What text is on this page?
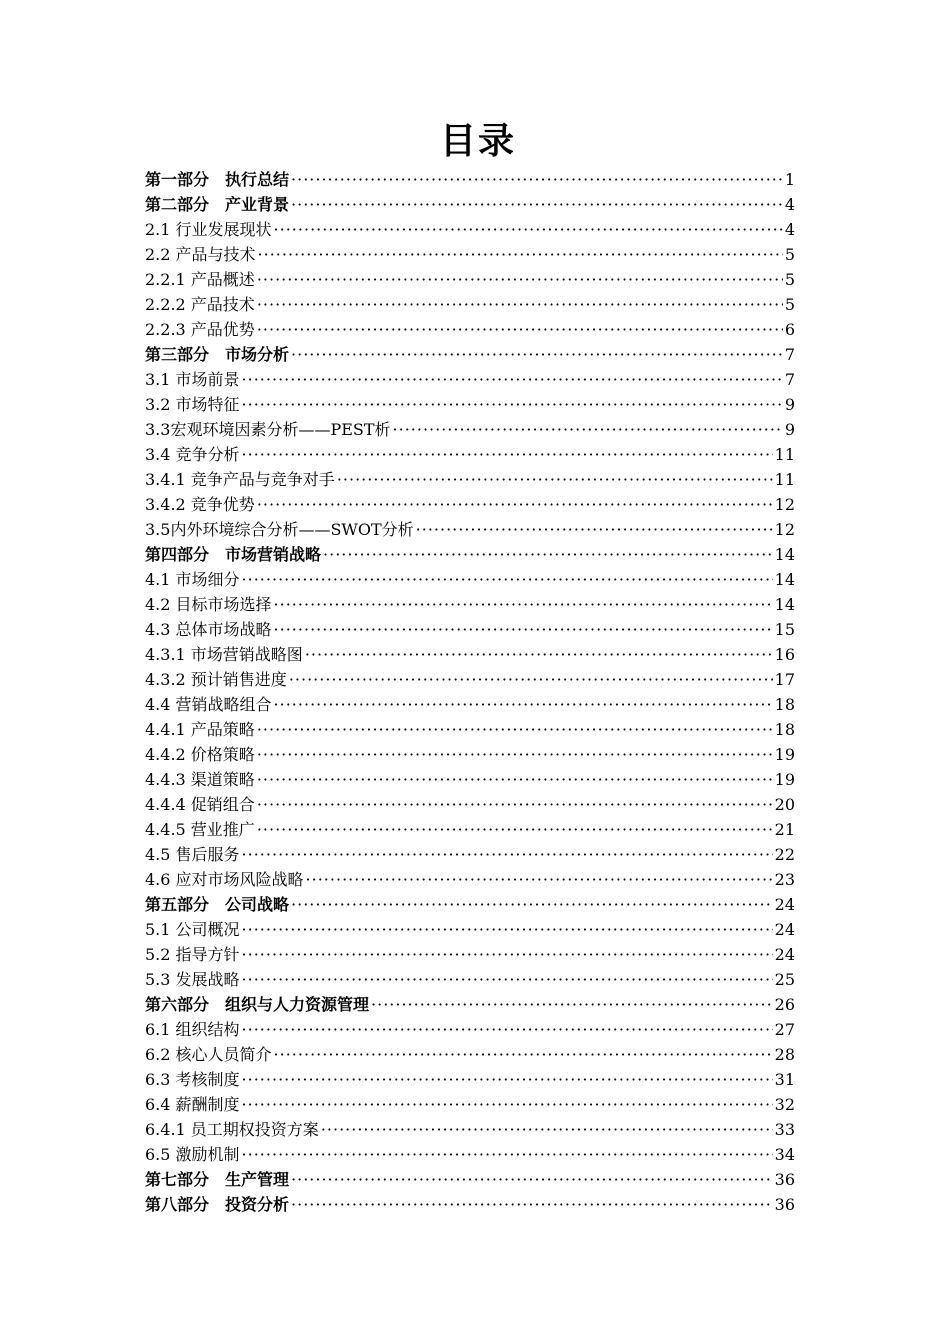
目录
第一部分　执行总结 ·····	1
第二部分　产业背景 ·····	4
2.1 行业发展现状 ·····	4
2.2 产品与技术 ·····	5
2.2.1 产品概述 ·····	5
2.2.2 产品技术 ·····	5
2.2.3 产品优势 ·····	6
第三部分　市场分析 ·····	7
3.1 市场前景 ·····	7
3.2 市场特征 ·····	9
3.3宏观环境因素分析——PEST析 ·····	9
3.4 竞争分析 ·····	11
3.4.1 竞争产品与竞争对手 ·····	11
3.4.2 竞争优势 ·····	12
3.5内外环境综合分析——SWOT分析 ·····	12
第四部分　市场营销战略 ·····	14
4.1 市场细分 ·····	14
4.2 目标市场选择 ·····	14
4.3 总体市场战略 ·····	15
4.3.1 市场营销战略图 ·····	16
4.3.2 预计销售进度 ·····	17
4.4 营销战略组合 ·····	18
4.4.1 产品策略 ·····	18
4.4.2 价格策略 ·····	19
4.4.3 渠道策略 ·····	19
4.4.4 促销组合 ·····	20
4.4.5 营业推广 ·····	21
4.5 售后服务 ·····	22
4.6 应对市场风险战略 ·····	23
第五部分　公司战略 ·····	24
5.1 公司概况 ·····	24
5.2 指导方针 ·····	24
5.3 发展战略 ·····	25
第六部分　组织与人力资源管理 ·····	26
6.1 组织结构 ·····	27
6.2 核心人员简介 ·····	28
6.3 考核制度 ·····	31
6.4 薪酬制度 ·····	32
6.4.1 员工期权投资方案 ·····	33
6.5 激励机制 ·····	34
第七部分　生产管理 ·····	36
第八部分　投资分析 ·····	36
